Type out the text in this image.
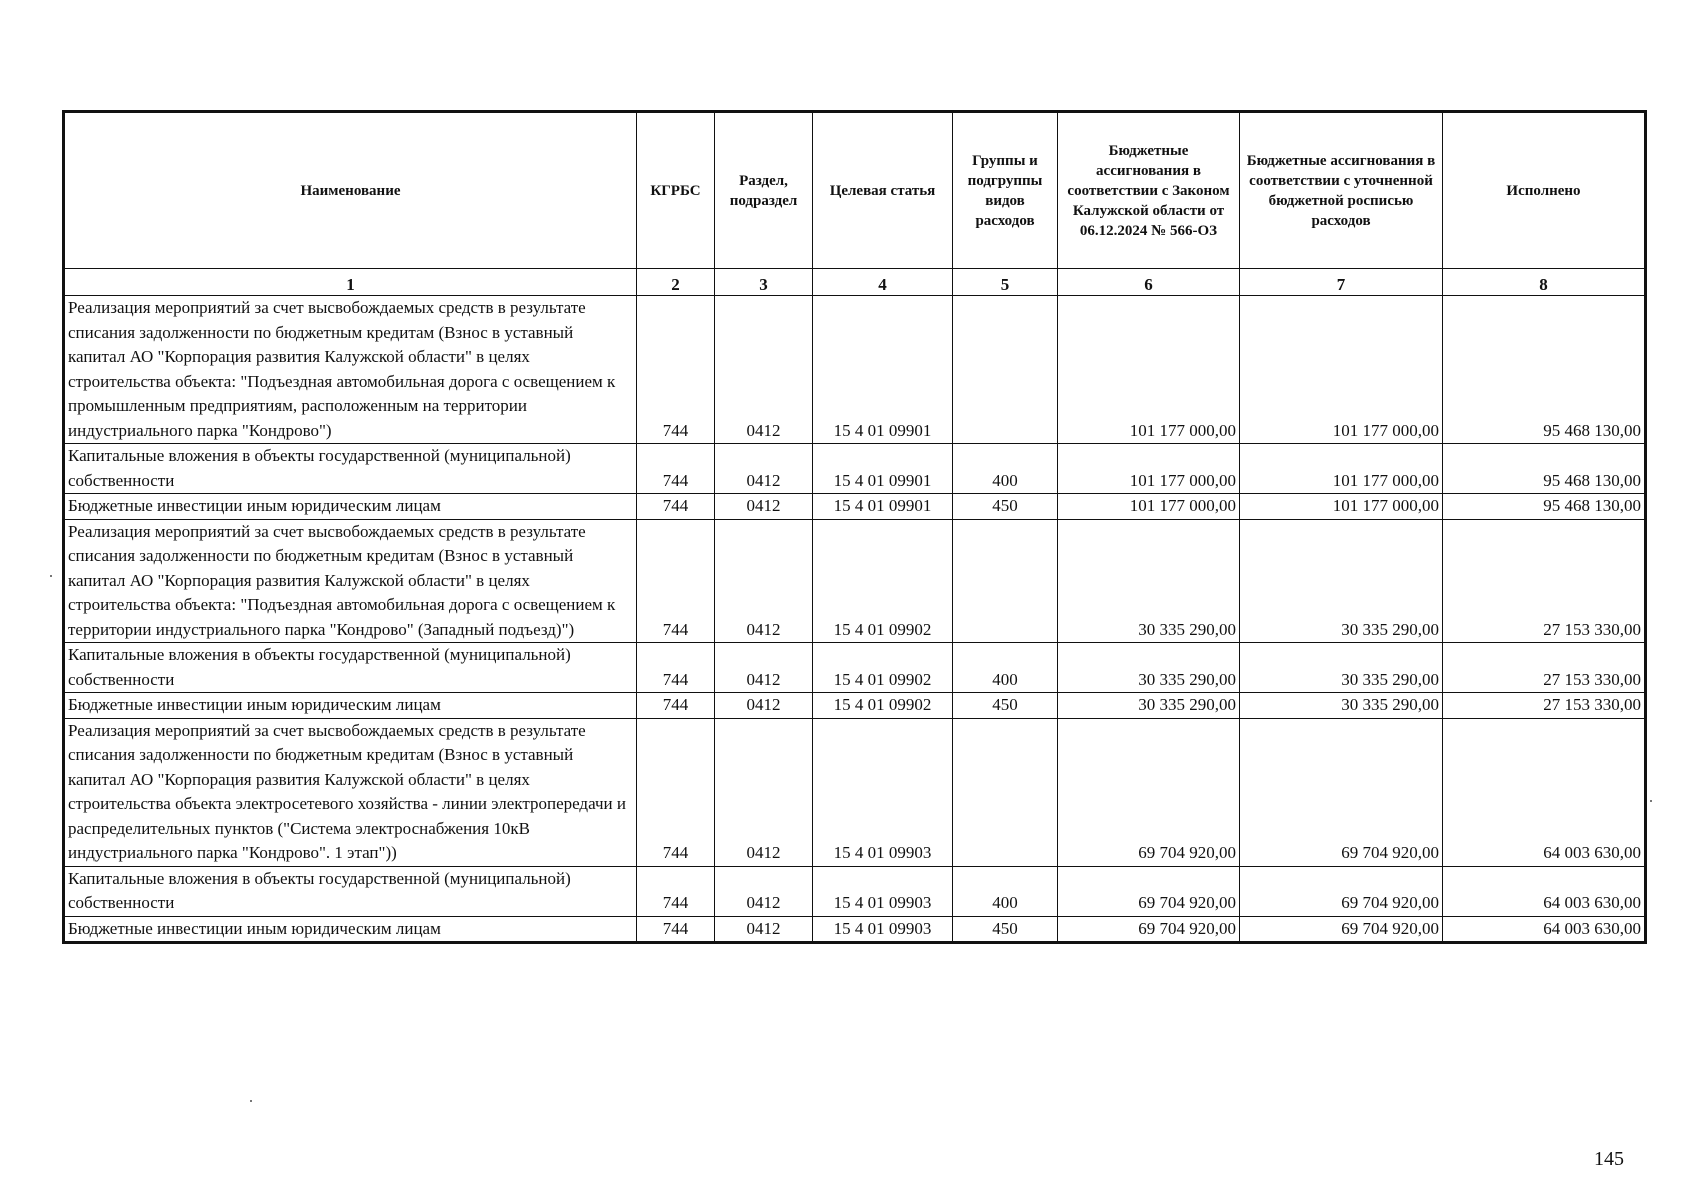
Наименование	КГРБС	Раздел, подраздел	Целевая статья	Группы и подгруппы видов расходов	Бюджетные ассигнования в соответствии с Законом Калужской области от 06.12.2024 № 566-ОЗ	Бюджетные ассигнования в соответствии с уточненной бюджетной росписью расходов	Исполнено
1	2	3	4	5	6	7	8
Реализация мероприятий за счет высвобождаемых средств в результате списания задолженности по бюджетным кредитам (Взнос в уставный капитал АО "Корпорация развития Калужской области" в целях строительства объекта: "Подъездная автомобильная дорога с освещением к промышленным предприятиям, расположенным на территории индустриального парка "Кондрово")	744	0412	15 4 01 09901		101 177 000,00	101 177 000,00	95 468 130,00
Капитальные вложения в объекты государственной (муниципальной) собственности	744	0412	15 4 01 09901	400	101 177 000,00	101 177 000,00	95 468 130,00
Бюджетные инвестиции иным юридическим лицам	744	0412	15 4 01 09901	450	101 177 000,00	101 177 000,00	95 468 130,00
Реализация мероприятий за счет высвобождаемых средств в результате списания задолженности по бюджетным кредитам (Взнос в уставный капитал АО "Корпорация развития Калужской области" в целях строительства объекта: "Подъездная автомобильная дорога с освещением к территории индустриального парка "Кондрово" (Западный подъезд)")	744	0412	15 4 01 09902		30 335 290,00	30 335 290,00	27 153 330,00
Капитальные вложения в объекты государственной (муниципальной) собственности	744	0412	15 4 01 09902	400	30 335 290,00	30 335 290,00	27 153 330,00
Бюджетные инвестиции иным юридическим лицам	744	0412	15 4 01 09902	450	30 335 290,00	30 335 290,00	27 153 330,00
Реализация мероприятий за счет высвобождаемых средств в результате списания задолженности по бюджетным кредитам (Взнос в уставный капитал АО "Корпорация развития Калужской области" в целях строительства объекта электросетевого хозяйства - линии электропередачи и распределительных пунктов ("Система электроснабжения 10кВ индустриального парка "Кондрово". 1 этап"))	744	0412	15 4 01 09903		69 704 920,00	69 704 920,00	64 003 630,00
Капитальные вложения в объекты государственной (муниципальной) собственности	744	0412	15 4 01 09903	400	69 704 920,00	69 704 920,00	64 003 630,00
Бюджетные инвестиции иным юридическим лицам	744	0412	15 4 01 09903	450	69 704 920,00	69 704 920,00	64 003 630,00
145
